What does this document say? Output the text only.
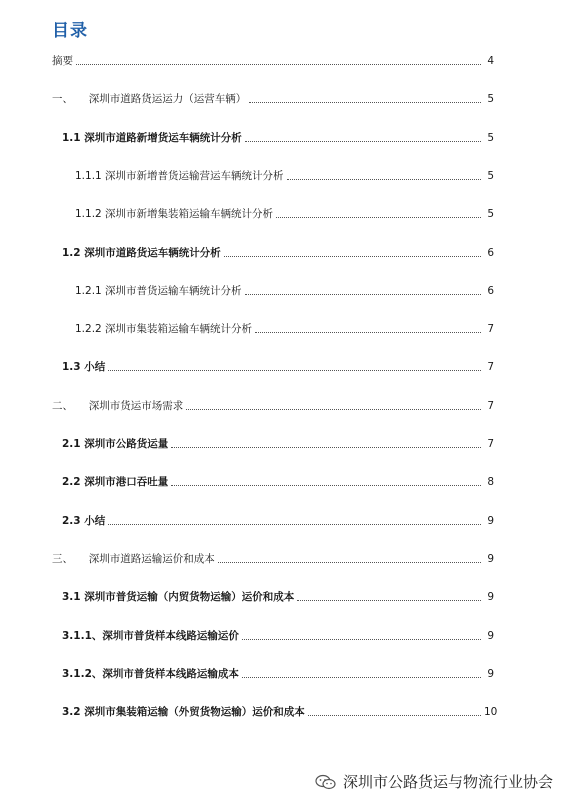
目录
摘要	4
一、　　深圳市道路货运运力（运营车辆）	5
1.1 深圳市道路新增货运车辆统计分析	5
1.1.1 深圳市新增普货运输营运车辆统计分析	5
1.1.2 深圳市新增集装箱运输车辆统计分析	5
1.2 深圳市道路货运车辆统计分析	6
1.2.1 深圳市普货运输车辆统计分析	6
1.2.2 深圳市集装箱运输车辆统计分析	7
1.3 小结	7
二、　　深圳市货运市场需求	7
2.1 深圳市公路货运量	7
2.2 深圳市港口吞吐量	8
2.3 小结	9
三、　　深圳市道路运输运价和成本	9
3.1 深圳市普货运输（内贸货物运输）运价和成本	9
3.1.1、深圳市普货样本线路运输运价	9
3.1.2、深圳市普货样本线路运输成本	9
3.2 深圳市集装箱运输（外贸货物运输）运价和成本	10
深圳市公路货运与物流行业协会
